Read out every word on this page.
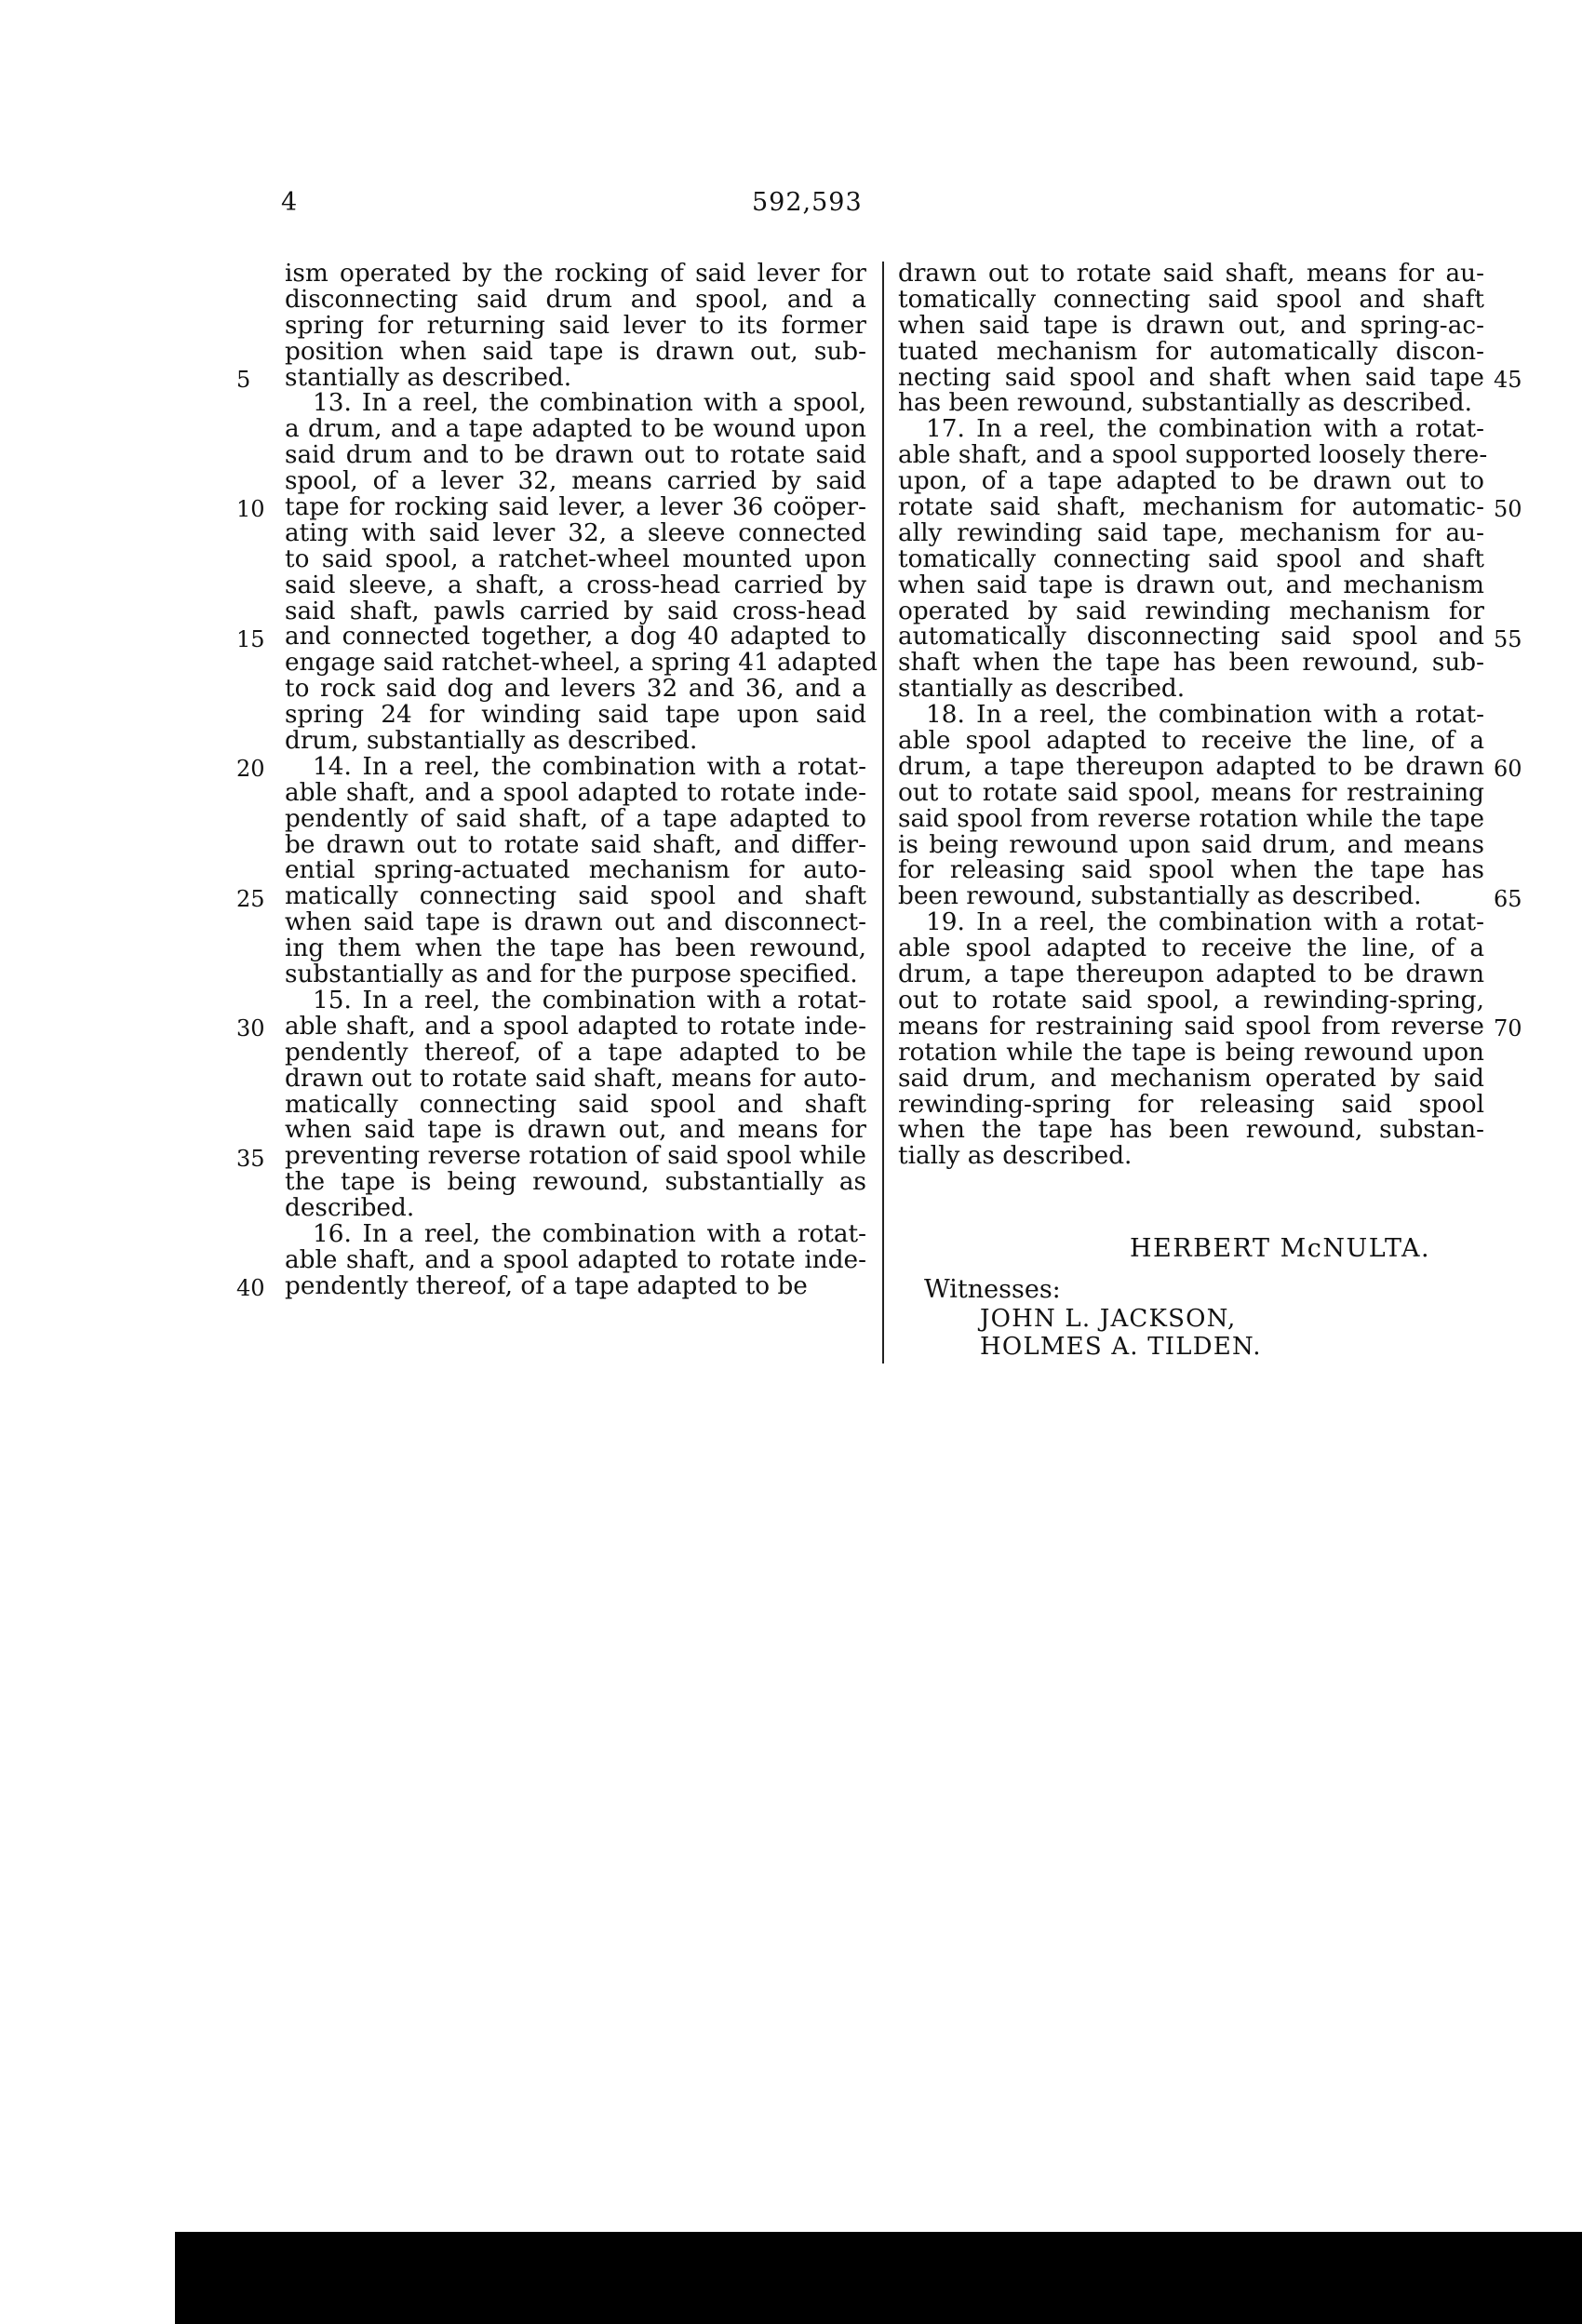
4	592,593
ism operated by the rocking of said lever for
disconnecting said drum and spool, and a
spring for returning said lever to its former
position when said tape is drawn out, sub-
stantially as described.
13. In a reel, the combination with a spool,
a drum, and a tape adapted to be wound upon
said drum and to be drawn out to rotate said
spool, of a lever 32, means carried by said
tape for rocking said lever, a lever 36 coöper-
ating with said lever 32, a sleeve connected
to said spool, a ratchet-wheel mounted upon
said sleeve, a shaft, a cross-head carried by
said shaft, pawls carried by said cross-head
and connected together, a dog 40 adapted to
engage said ratchet-wheel, a spring 41 adapted
to rock said dog and levers 32 and 36, and a
spring 24 for winding said tape upon said
drum, substantially as described.
14. In a reel, the combination with a rotat-
able shaft, and a spool adapted to rotate inde-
pendently of said shaft, of a tape adapted to
be drawn out to rotate said shaft, and differ-
ential spring-actuated mechanism for auto-
matically connecting said spool and shaft
when said tape is drawn out and disconnect-
ing them when the tape has been rewound,
substantially as and for the purpose specified.
15. In a reel, the combination with a rotat-
able shaft, and a spool adapted to rotate inde-
pendently thereof, of a tape adapted to be
drawn out to rotate said shaft, means for auto-
matically connecting said spool and shaft
when said tape is drawn out, and means for
preventing reverse rotation of said spool while
the tape is being rewound, substantially as
described.
16. In a reel, the combination with a rotat-
able shaft, and a spool adapted to rotate inde-
pendently thereof, of a tape adapted to be
drawn out to rotate said shaft, means for au-
tomatically connecting said spool and shaft
when said tape is drawn out, and spring-ac-
tuated mechanism for automatically discon-
necting said spool and shaft when said tape
has been rewound, substantially as described.
17. In a reel, the combination with a rotat-
able shaft, and a spool supported loosely there-
upon, of a tape adapted to be drawn out to
rotate said shaft, mechanism for automatic-
ally rewinding said tape, mechanism for au-
tomatically connecting said spool and shaft
when said tape is drawn out, and mechanism
operated by said rewinding mechanism for
automatically disconnecting said spool and
shaft when the tape has been rewound, sub-
stantially as described.
18. In a reel, the combination with a rotat-
able spool adapted to receive the line, of a
drum, a tape thereupon adapted to be drawn
out to rotate said spool, means for restraining
said spool from reverse rotation while the tape
is being rewound upon said drum, and means
for releasing said spool when the tape has
been rewound, substantially as described.
19. In a reel, the combination with a rotat-
able spool adapted to receive the line, of a
drum, a tape thereupon adapted to be drawn
out to rotate said spool, a rewinding-spring,
means for restraining said spool from reverse
rotation while the tape is being rewound upon
said drum, and mechanism operated by said
rewinding-spring for releasing said spool
when the tape has been rewound, substan-
tially as described.
5
10
15
20
25
30
35
40
45
50
55
60
65
70
HERBERT McNULTA.
Witnesses:
JOHN L. JACKSON,
HOLMES A. TILDEN.
